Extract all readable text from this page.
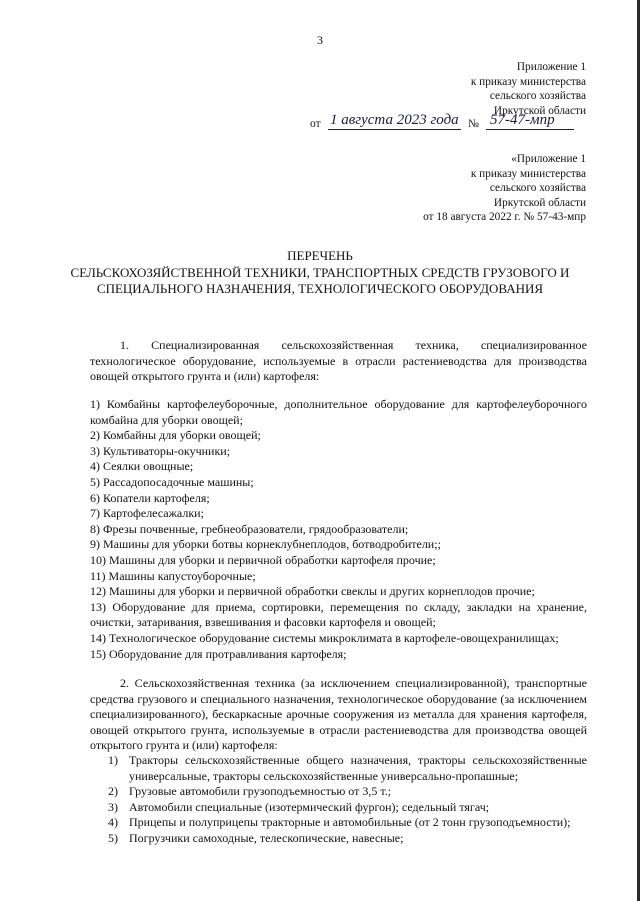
3
Приложение 1
к приказу министерства
сельского хозяйства
Иркутской области
от 1 августа 2023 года № 57-47-мпр
«Приложение 1
к приказу министерства
сельского хозяйства
Иркутской области
от 18 августа 2022 г. № 57-43-мпр
ПЕРЕЧЕНЬ
СЕЛЬСКОХОЗЯЙСТВЕННОЙ ТЕХНИКИ, ТРАНСПОРТНЫХ СРЕДСТВ ГРУЗОВОГО И
СПЕЦИАЛЬНОГО НАЗНАЧЕНИЯ, ТЕХНОЛОГИЧЕСКОГО ОБОРУДОВАНИЯ
1. Специализированная сельскохозяйственная техника, специализированное технологическое оборудование, используемые в отрасли растениеводства для производства овощей открытого грунта и (или) картофеля:
1) Комбайны картофелеуборочные, дополнительное оборудование для картофелеуборочного комбайна для уборки овощей;
2) Комбайны для уборки овощей;
3) Культиваторы-окучники;
4) Сеялки овощные;
5) Рассадопосадочные машины;
6) Копатели картофеля;
7) Картофелесажалки;
8) Фрезы почвенные, гребнеобразователи, грядообразователи;
9) Машины для уборки ботвы корнеклубнеплодов, ботводробители;;
10) Машины для уборки и первичной обработки картофеля прочие;
11) Машины капустоуборочные;
12) Машины для уборки и первичной обработки свеклы и других корнеплодов прочие;
13) Оборудование для приема, сортировки, перемещения по складу, закладки на хранение, очистки, затаривания, взвешивания и фасовки картофеля и овощей;
14) Технологическое оборудование системы микроклимата в картофеле-овощехранилищах;
15) Оборудование для протравливания картофеля;
2. Сельскохозяйственная техника (за исключением специализированной), транспортные средства грузового и специального назначения, технологическое оборудование (за исключением специализированного), бескаркасные арочные сооружения из металла для хранения картофеля, овощей открытого грунта, используемые в отрасли растениеводства для производства овощей открытого грунта и (или) картофеля:
1) Тракторы сельскохозяйственные общего назначения, тракторы сельскохозяйственные универсальные, тракторы сельскохозяйственные универсально-пропашные;
2) Грузовые автомобили грузоподъемностью от 3,5 т.;
3) Автомобили специальные (изотермический фургон); седельный тягач;
4) Прицепы и полуприцепы тракторные и автомобильные (от 2 тонн грузоподъемности);
5) Погрузчики самоходные, телескопические, навесные;
